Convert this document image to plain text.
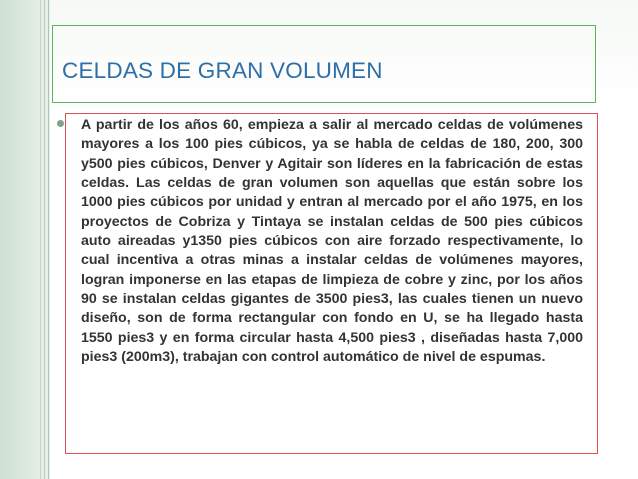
CELDAS DE GRAN VOLUMEN

A partir de los años 60, empieza a salir al mercado celdas de volúmenes mayores a los 100 pies cúbicos, ya se habla de celdas de 180, 200, 300 y500 pies cúbicos, Denver y Agitair son líderes en la fabricación de estas celdas. Las celdas de gran volumen son aquellas que están sobre los 1000 pies cúbicos por unidad y entran al mercado por el año 1975, en los proyectos de Cobriza y Tintaya se instalan celdas de 500 pies cúbicos auto aireadas y1350 pies cúbicos con aire forzado respectivamente, lo cual incentiva a otras minas a instalar celdas de volúmenes mayores, logran imponerse en las etapas de limpieza de cobre y zinc, por los años 90 se instalan celdas gigantes de 3500 pies3, las cuales tienen un nuevo diseño, son de forma rectangular con fondo en U, se ha llegado hasta 1550 pies3 y en forma circular hasta 4,500 pies3 , diseñadas hasta 7,000 pies3 (200m3), trabajan con control automático de nivel de espumas.
